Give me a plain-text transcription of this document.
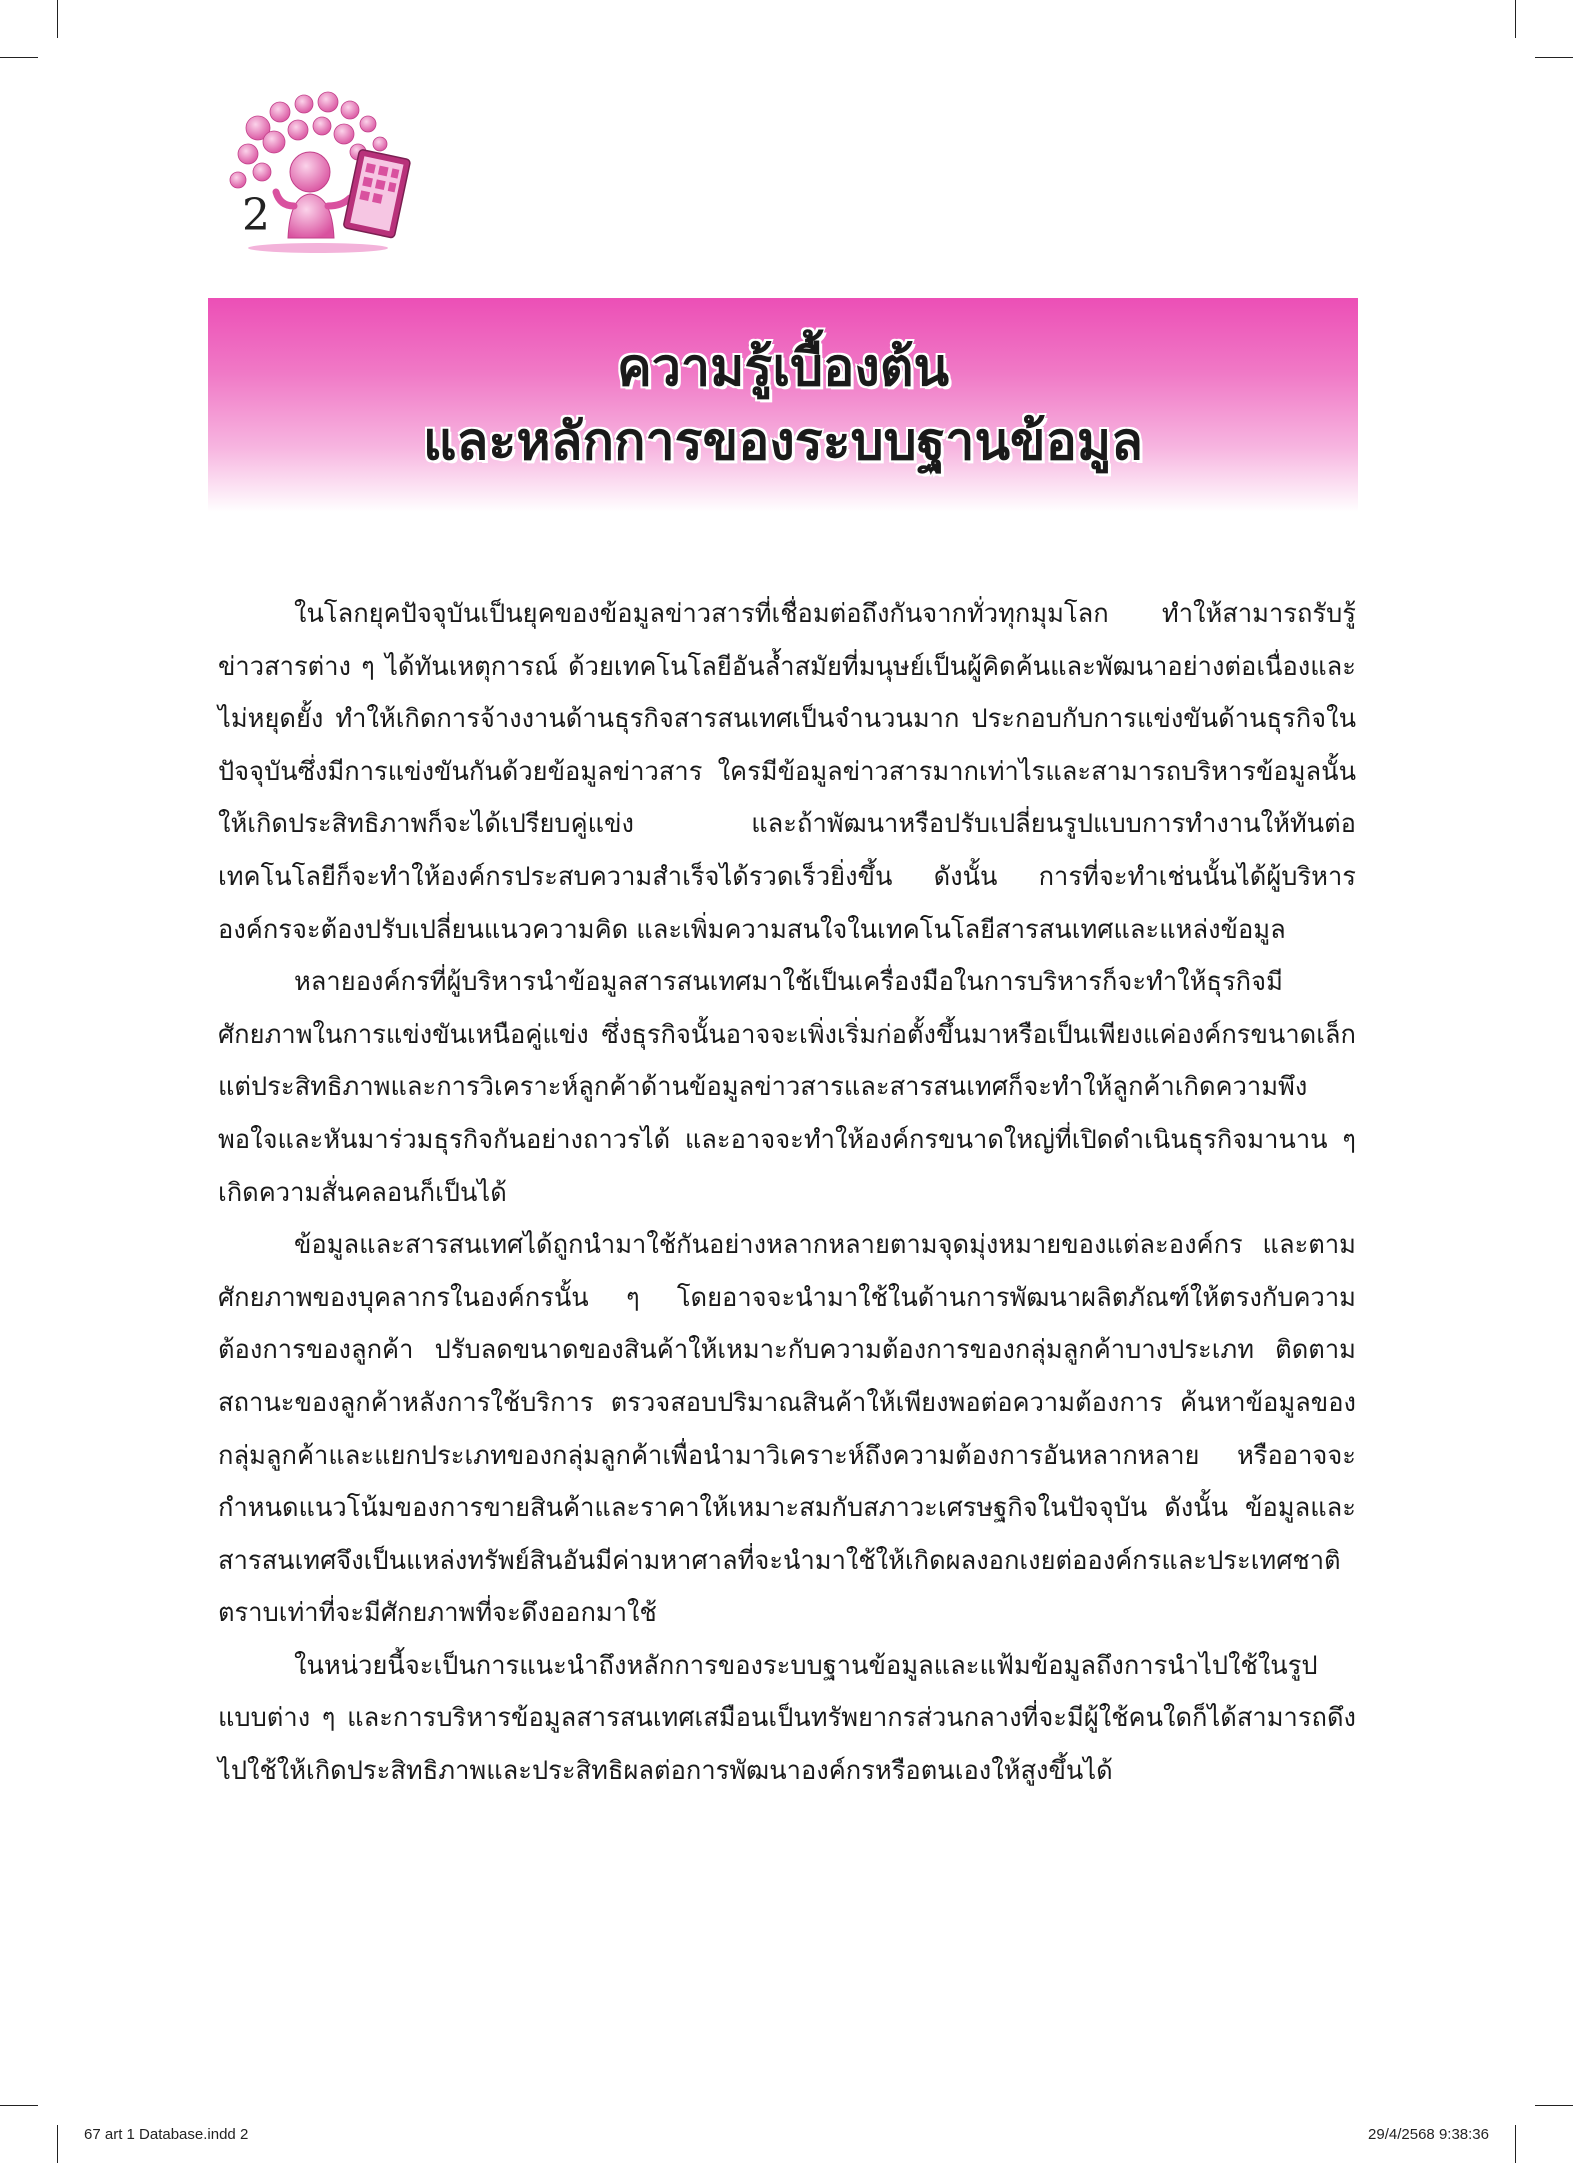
2
ความรู้เบื้องต้น
และหลักการของระบบฐานข้อมูล

ในโลกยุคปัจจุบันเป็นยุคของข้อมูลข่าวสารที่เชื่อมต่อถึงกันจากทั่วทุกมุมโลก ทำให้สามารถรับรู้ข่าวสารต่าง ๆ ได้ทันเหตุการณ์ ด้วยเทคโนโลยีอันล้ำสมัยที่มนุษย์เป็นผู้คิดค้นและพัฒนาอย่างต่อเนื่องและไม่หยุดยั้ง ทำให้เกิดการจ้างงานด้านธุรกิจสารสนเทศเป็นจำนวนมาก ประกอบกับการแข่งขันด้านธุรกิจในปัจจุบันซึ่งมีการแข่งขันกันด้วยข้อมูลข่าวสาร ใครมีข้อมูลข่าวสารมากเท่าไรและสามารถบริหารข้อมูลนั้นให้เกิดประสิทธิภาพก็จะได้เปรียบคู่แข่ง และถ้าพัฒนาหรือปรับเปลี่ยนรูปแบบการทำงานให้ทันต่อเทคโนโลยีก็จะทำให้องค์กรประสบความสำเร็จได้รวดเร็วยิ่งขึ้น ดังนั้น การที่จะทำเช่นนั้นได้ผู้บริหารองค์กรจะต้องปรับเปลี่ยนแนวความคิด และเพิ่มความสนใจในเทคโนโลยีสารสนเทศและแหล่งข้อมูล

หลายองค์กรที่ผู้บริหารนำข้อมูลสารสนเทศมาใช้เป็นเครื่องมือในการบริหารก็จะทำให้ธุรกิจมีศักยภาพในการแข่งขันเหนือคู่แข่ง ซึ่งธุรกิจนั้นอาจจะเพิ่งเริ่มก่อตั้งขึ้นมาหรือเป็นเพียงแค่องค์กรขนาดเล็ก แต่ประสิทธิภาพและการวิเคราะห์ลูกค้าด้านข้อมูลข่าวสารและสารสนเทศก็จะทำให้ลูกค้าเกิดความพึงพอใจและหันมาร่วมธุรกิจกันอย่างถาวรได้ และอาจจะทำให้องค์กรขนาดใหญ่ที่เปิดดำเนินธุรกิจมานาน ๆ เกิดความสั่นคลอนก็เป็นได้

ข้อมูลและสารสนเทศได้ถูกนำมาใช้กันอย่างหลากหลายตามจุดมุ่งหมายของแต่ละองค์กร และตามศักยภาพของบุคลากรในองค์กรนั้น ๆ โดยอาจจะนำมาใช้ในด้านการพัฒนาผลิตภัณฑ์ให้ตรงกับความต้องการของลูกค้า ปรับลดขนาดของสินค้าให้เหมาะกับความต้องการของกลุ่มลูกค้าบางประเภท ติดตามสถานะของลูกค้าหลังการใช้บริการ ตรวจสอบปริมาณสินค้าให้เพียงพอต่อความต้องการ ค้นหาข้อมูลของกลุ่มลูกค้าและแยกประเภทของกลุ่มลูกค้าเพื่อนำมาวิเคราะห์ถึงความต้องการอันหลากหลาย หรืออาจจะกำหนดแนวโน้มของการขายสินค้าและราคาให้เหมาะสมกับสภาวะเศรษฐกิจในปัจจุบัน ดังนั้น ข้อมูลและสารสนเทศจึงเป็นแหล่งทรัพย์สินอันมีค่ามหาศาลที่จะนำมาใช้ให้เกิดผลงอกเงยต่อองค์กรและประเทศชาติ ตราบเท่าที่จะมีศักยภาพที่จะดึงออกมาใช้

ในหน่วยนี้จะเป็นการแนะนำถึงหลักการของระบบฐานข้อมูลและแฟ้มข้อมูลถึงการนำไปใช้ในรูปแบบต่าง ๆ และการบริหารข้อมูลสารสนเทศเสมือนเป็นทรัพยากรส่วนกลางที่จะมีผู้ใช้คนใดก็ได้สามารถดึงไปใช้ให้เกิดประสิทธิภาพและประสิทธิผลต่อการพัฒนาองค์กรหรือตนเองให้สูงขึ้นได้

67 art 1 Database.indd 2	29/4/2568 9:38:36
